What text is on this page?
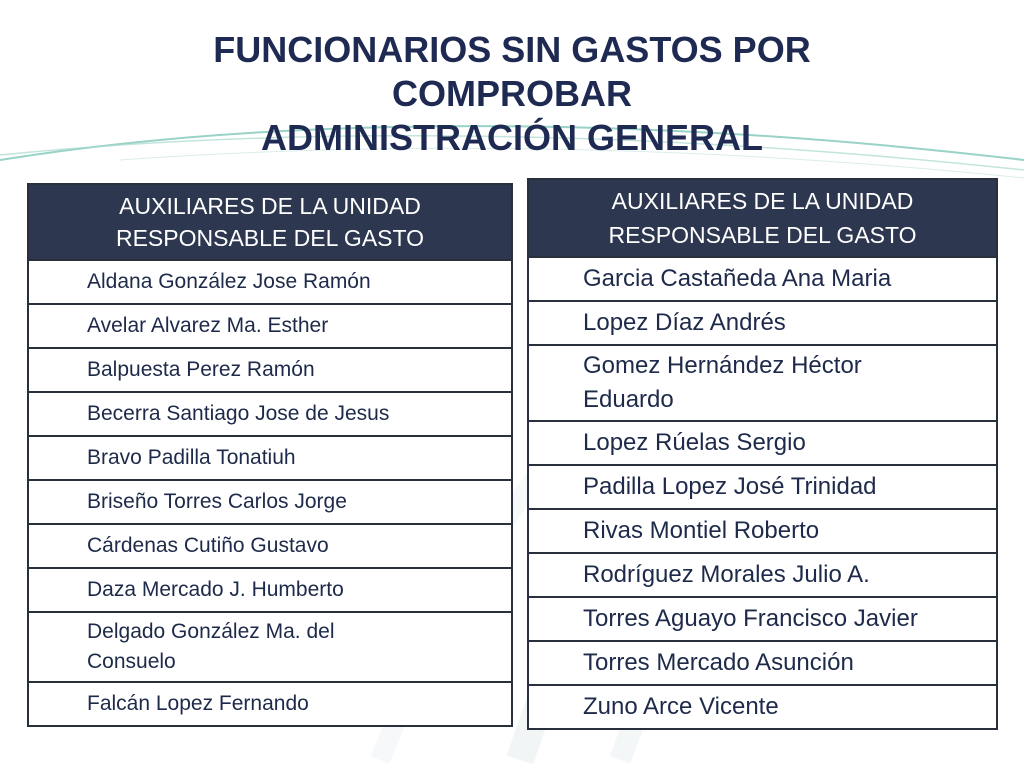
FUNCIONARIOS SIN GASTOS POR
COMPROBAR
ADMINISTRACIÓN GENERAL
AUXILIARES DE LA UNIDAD
RESPONSABLE DEL GASTO

Aldana González Jose Ramón
Avelar Alvarez Ma. Esther
Balpuesta Perez Ramón
Becerra Santiago Jose de Jesus
Bravo Padilla Tonatiuh
Briseño Torres Carlos Jorge
Cárdenas Cutiño Gustavo
Daza Mercado J. Humberto
Delgado González Ma. del Consuelo
Falcán Lopez Fernando
AUXILIARES DE LA UNIDAD
RESPONSABLE DEL GASTO

Garcia Castañeda Ana Maria
Lopez Díaz Andrés
Gomez Hernández Héctor Eduardo
Lopez Rúelas Sergio
Padilla Lopez José Trinidad
Rivas Montiel Roberto
Rodríguez Morales Julio A.
Torres Aguayo Francisco Javier
Torres Mercado Asunción
Zuno Arce Vicente
